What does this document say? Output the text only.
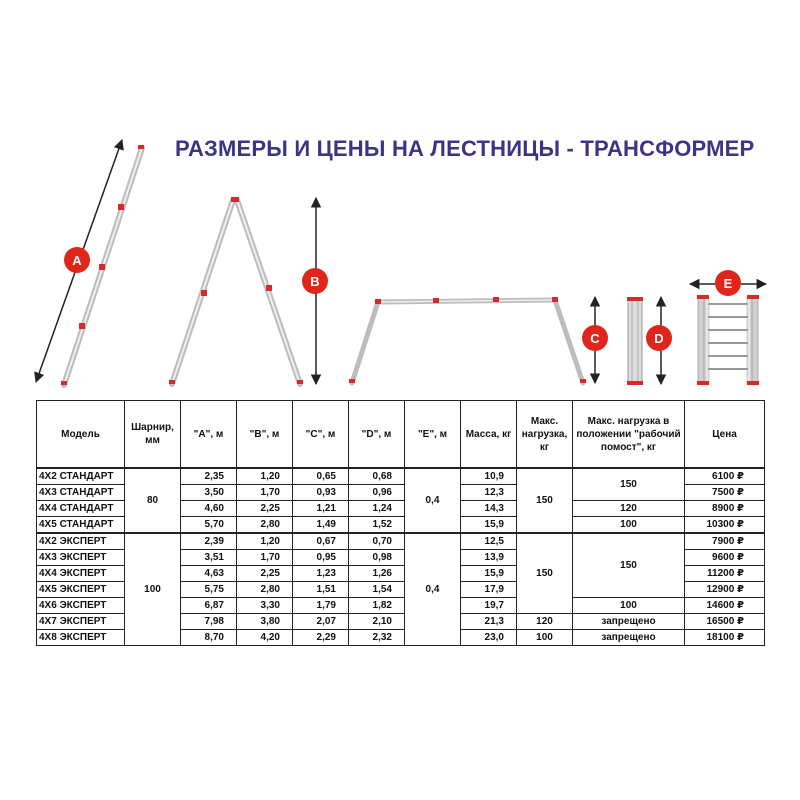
РАЗМЕРЫ И ЦЕНЫ НА ЛЕСТНИЦЫ - ТРАНСФОРМЕР
A
B
C	D
E
Модель	Шарнир, мм	"A", м	"B", м	"C", м	"D", м	"E", м	Масса, кг	Макс. нагрузка, кг	Макс. нагрузка в положении "рабочий помост", кг	Цена
4X2 СТАНДАРТ	80	2,35	1,20	0,65	0,68	0,4	10,9	150	150	6100 ₽
4X3 СТАНДАРТ		3,50	1,70	0,93	0,96		12,3			7500 ₽
4X4 СТАНДАРТ		4,60	2,25	1,21	1,24		14,3		120	8900 ₽
4X5 СТАНДАРТ		5,70	2,80	1,49	1,52		15,9		100	10300 ₽
4X2 ЭКСПЕРТ	100	2,39	1,20	0,67	0,70	0,4	12,5	150	150	7900 ₽
4X3 ЭКСПЕРТ		3,51	1,70	0,95	0,98		13,9			9600 ₽
4X4 ЭКСПЕРТ		4,63	2,25	1,23	1,26		15,9			11200 ₽
4X5 ЭКСПЕРТ		5,75	2,80	1,51	1,54		17,9			12900 ₽
4X6 ЭКСПЕРТ		6,87	3,30	1,79	1,82		19,7		100	14600 ₽
4X7 ЭКСПЕРТ		7,98	3,80	2,07	2,10		21,3	120	запрещено	16500 ₽
4X8 ЭКСПЕРТ		8,70	4,20	2,29	2,32		23,0	100	запрещено	18100 ₽
